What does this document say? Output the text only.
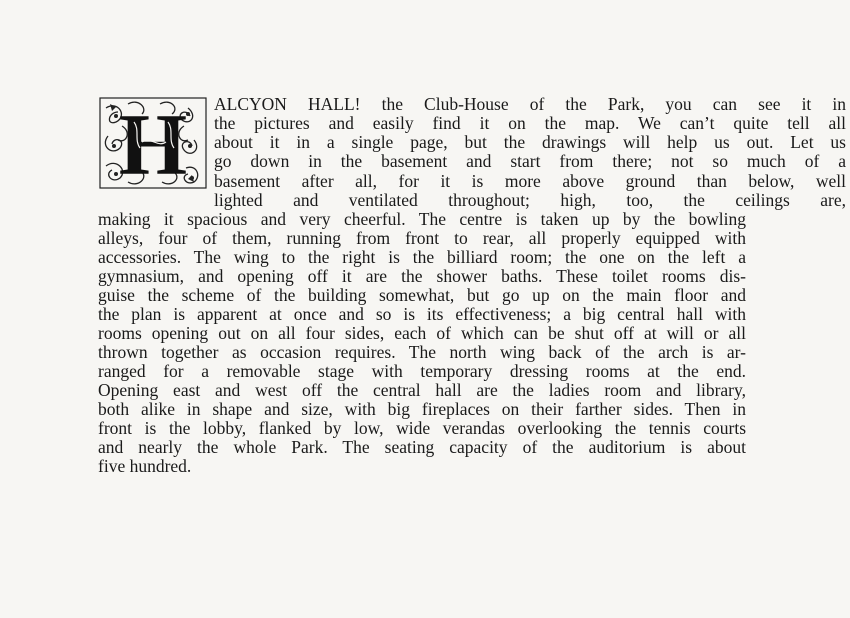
H ALCYON HALL! the Club-House of the Park, you can see it in
the pictures and easily find it on the map. We can’t quite tell all
about it in a single page, but the drawings will help us out. Let us
go down in the basement and start from there; not so much of a
basement after all, for it is more above ground than below, well
lighted and ventilated throughout; high, too, the ceilings are,
making it spacious and very cheerful. The centre is taken up by the bowling
alleys, four of them, running from front to rear, all properly equipped with
accessories. The wing to the right is the billiard room; the one on the left a
gymnasium, and opening off it are the shower baths. These toilet rooms dis-
guise the scheme of the building somewhat, but go up on the main floor and
the plan is apparent at once and so is its effectiveness; a big central hall with
rooms opening out on all four sides, each of which can be shut off at will or all
thrown together as occasion requires. The north wing back of the arch is ar-
ranged for a removable stage with temporary dressing rooms at the end.
Opening east and west off the central hall are the ladies room and library,
both alike in shape and size, with big fireplaces on their farther sides. Then in
front is the lobby, flanked by low, wide verandas overlooking the tennis courts
and nearly the whole Park. The seating capacity of the auditorium is about
five hundred.
